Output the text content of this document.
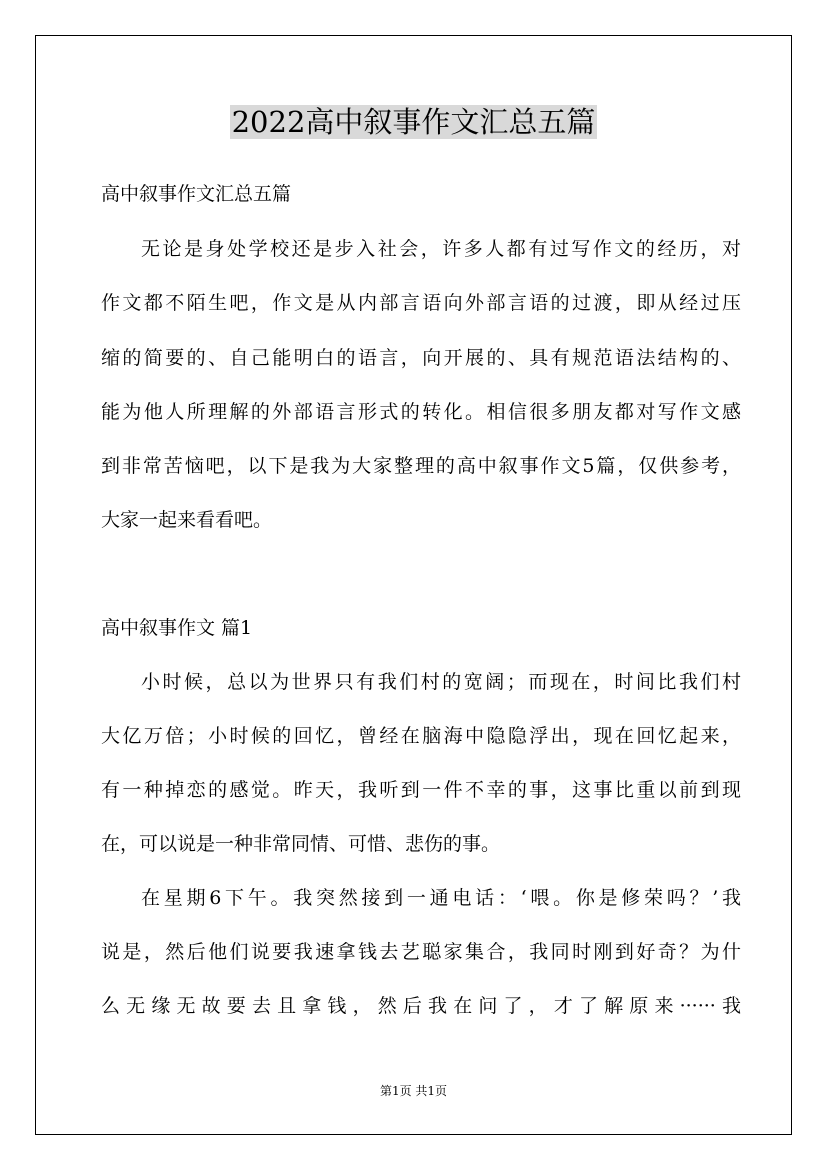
2022高中叙事作文汇总五篇

高中叙事作文汇总五篇

无论是身处学校还是步入社会，许多人都有过写作文的经历，对

作文都不陌生吧，作文是从内部言语向外部言语的过渡，即从经过压

缩的简要的、自己能明白的语言，向开展的、具有规范语法结构的、

能为他人所理解的外部语言形式的转化。相信很多朋友都对写作文感

到非常苦恼吧，以下是我为大家整理的高中叙事作文5篇，仅供参考，

大家一起来看看吧。

高中叙事作文 篇1

小时候，总以为世界只有我们村的宽阔；而现在，时间比我们村

大亿万倍；小时候的回忆，曾经在脑海中隐隐浮出，现在回忆起来，

有一种掉恋的感觉。昨天，我听到一件不幸的事，这事比重以前到现

在，可以说是一种非常同情、可惜、悲伤的事。

在星期6下午。我突然接到一通电话：‘喂。你是修荣吗？’我

说是，然后他们说要我速拿钱去艺聪家集合，我同时刚到好奇？为什

么无缘无故要去且拿钱，然后我在问了，才了解原来······我

第1页 共1页
